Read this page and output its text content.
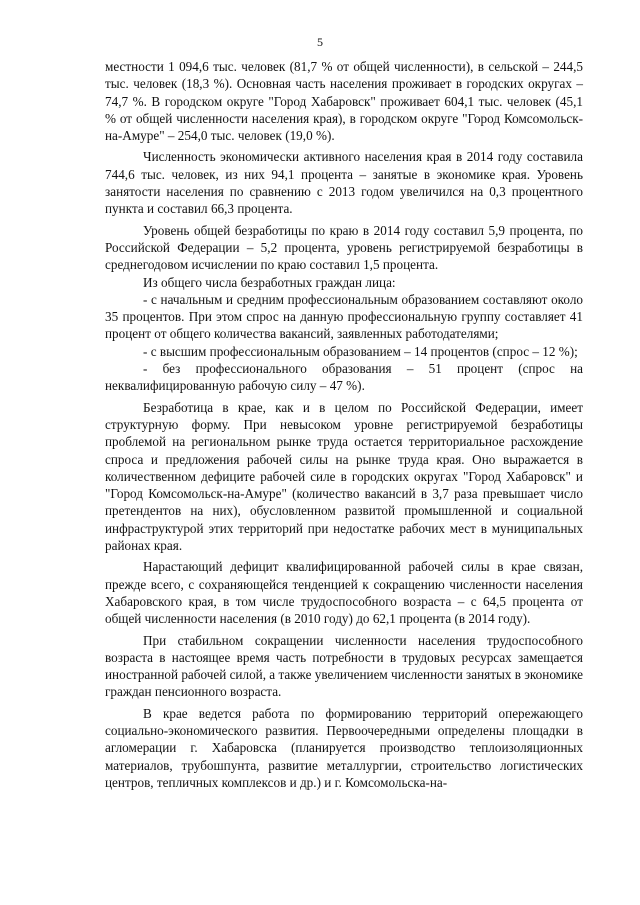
5

местности 1 094,6 тыс. человек (81,7 % от общей численности), в сельской – 244,5 тыс. человек (18,3 %). Основная часть населения проживает в городских округах – 74,7 %. В городском округе "Город Хабаровск" проживает 604,1 тыс. человек (45,1 % от общей численности населения края), в городском округе "Город Комсомольск-на-Амуре" – 254,0 тыс. человек (19,0 %).

Численность экономически активного населения края в 2014 году составила 744,6 тыс. человек, из них 94,1 процента – занятые в экономике края. Уровень занятости населения по сравнению с 2013 годом увеличился на 0,3 процентного пункта и составил 66,3 процента.

Уровень общей безработицы по краю в 2014 году составил 5,9 процента, по Российской Федерации – 5,2 процента, уровень регистрируемой безработицы в среднегодовом исчислении по краю составил 1,5 процента.

Из общего числа безработных граждан лица:

- с начальным и средним профессиональным образованием составляют около 35 процентов. При этом спрос на данную профессиональную группу составляет 41 процент от общего количества вакансий, заявленных работодателями;

- с высшим профессиональным образованием – 14 процентов (спрос – 12 %);

- без профессионального образования – 51 процент (спрос на неквалифицированную рабочую силу – 47 %).

Безработица в крае, как и в целом по Российской Федерации, имеет структурную форму. При невысоком уровне регистрируемой безработицы проблемой на региональном рынке труда остается территориальное расхождение спроса и предложения рабочей силы на рынке труда края. Оно выражается в количественном дефиците рабочей силе в городских округах "Город Хабаровск" и "Город Комсомольск-на-Амуре" (количество вакансий в 3,7 раза превышает число претендентов на них), обусловленном развитой промышленной и социальной инфраструктурой этих территорий при недостатке рабочих мест в муниципальных районах края.

Нарастающий дефицит квалифицированной рабочей силы в крае связан, прежде всего, с сохраняющейся тенденцией к сокращению численности населения Хабаровского края, в том числе трудоспособного возраста – с 64,5 процента от общей численности населения (в 2010 году) до 62,1 процента (в 2014 году).

При стабильном сокращении численности населения трудоспособного возраста в настоящее время часть потребности в трудовых ресурсах замещается иностранной рабочей силой, а также увеличением численности занятых в экономике граждан пенсионного возраста.

В крае ведется работа по формированию территорий опережающего социально-экономического развития. Первоочередными определены площадки в агломерации г. Хабаровска (планируется производство теплоизоляционных материалов, трубошпунта, развитие металлургии, строительство логистических центров, тепличных комплексов и др.) и г. Комсомольска-на-
